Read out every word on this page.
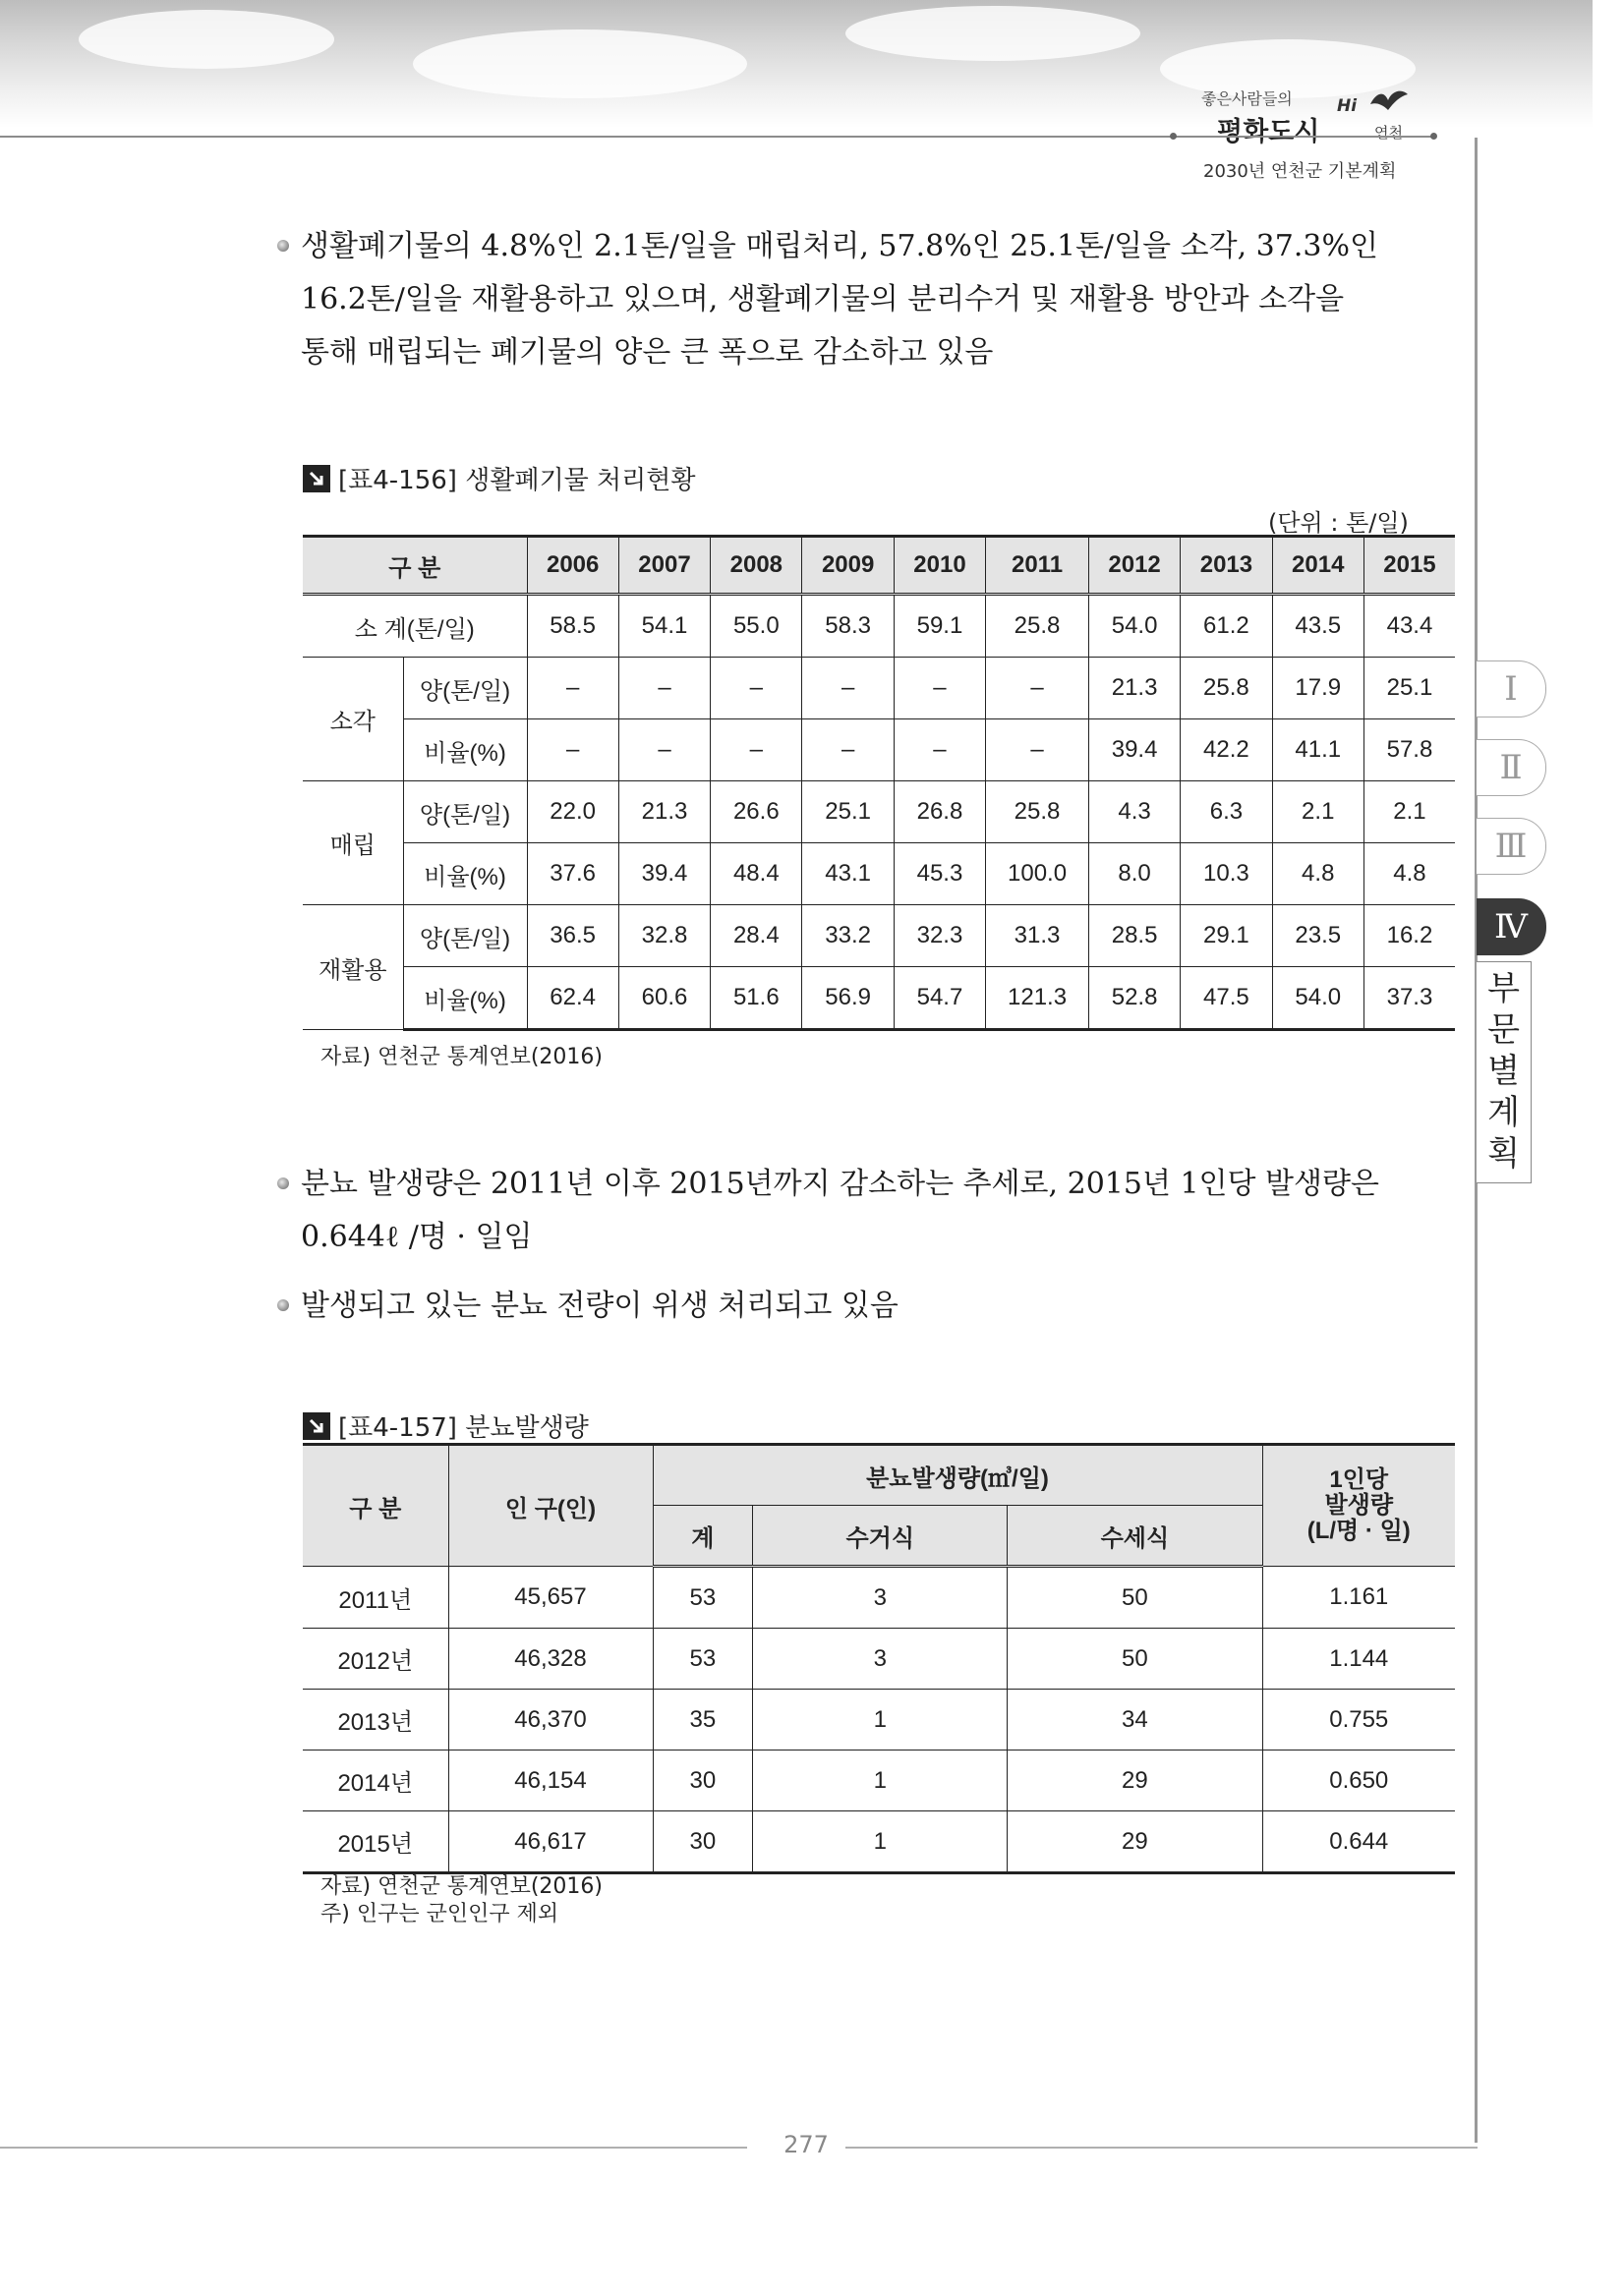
좋은사람들의
평화도시
Hi
연천
2030년 연천군 기본계획
생활폐기물의 4.8%인 2.1톤/일을 매립처리, 57.8%인 25.1톤/일을 소각, 37.3%인
16.2톤/일을 재활용하고 있으며, 생활폐기물의 분리수거 및 재활용 방안과 소각을
통해 매립되는 폐기물의 양은 큰 폭으로 감소하고 있음
[표4-156] 생활폐기물 처리현황
(단위 : 톤/일)
구 분		2006	2007	2008	2009	2010	2011	2012	2013	2014	2015
소 계(톤/일)		58.5	54.1	55.0	58.3	59.1	25.8	54.0	61.2	43.5	43.4
소각	양(톤/일)	–	–	–	–	–	–	21.3	25.8	17.9	25.1
	비율(%)	–	–	–	–	–	–	39.4	42.2	41.1	57.8
매립	양(톤/일)	22.0	21.3	26.6	25.1	26.8	25.8	4.3	6.3	2.1	2.1
	비율(%)	37.6	39.4	48.4	43.1	45.3	100.0	8.0	10.3	4.8	4.8
재활용	양(톤/일)	36.5	32.8	28.4	33.2	32.3	31.3	28.5	29.1	23.5	16.2
	비율(%)	62.4	60.6	51.6	56.9	54.7	121.3	52.8	47.5	54.0	37.3
자료) 연천군 통계연보(2016)
분뇨 발생량은 2011년 이후 2015년까지 감소하는 추세로, 2015년 1인당 발생량은
0.644ℓ /명 · 일임
발생되고 있는 분뇨 전량이 위생 처리되고 있음
[표4-157] 분뇨발생량
구 분	인 구(인)	분뇨발생량(㎥/일)			1인당
발생량
(L/명 · 일)

		계	수거식	수세식	
2011년	45,657	53	3	50	1.161
2012년	46,328	53	3	50	1.144
2013년	46,370	35	1	34	0.755
2014년	46,154	30	1	29	0.650
2015년	46,617	30	1	29	0.644
자료) 연천군 통계연보(2016)
주) 인구는 군인인구 제외
Ⅰ
Ⅱ
Ⅲ
Ⅳ
부
문
별
계
획
277
